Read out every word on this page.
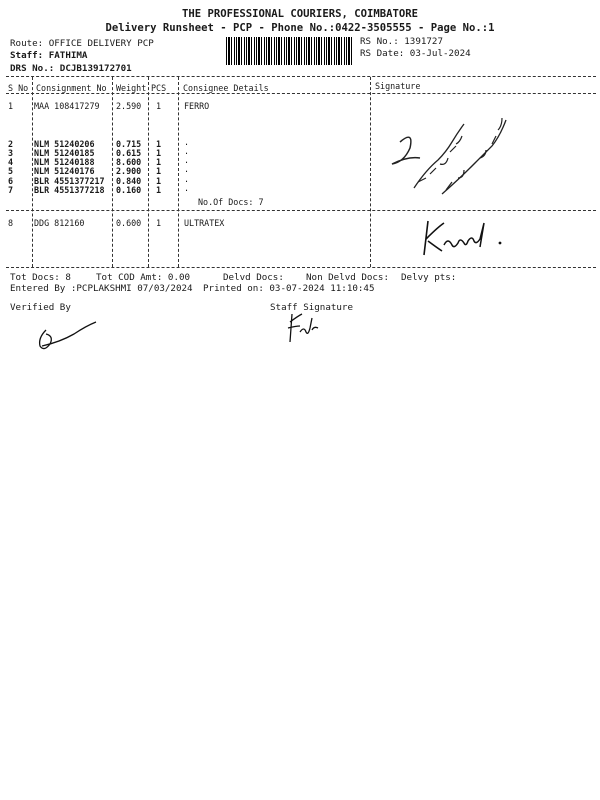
THE PROFESSIONAL COURIERS, COIMBATORE
Delivery Runsheet - PCP - Phone No.:0422-3505555 - Page No.:1
Route: OFFICE DELIVERY PCP
Staff: FATHIMA
DRS No.: DCJB139172701
RS No.: 1391727
RS Date: 03-Jul-2024
S No Consignment No Weight PCS Consignee Details	Signature
1 MAA 108417279 2.590 1	FERRO
2 NLM 51240206	0.715 1	.
3 NLM 51240185	0.615 1	.
4 NLM 51240188	8.600 1	.
5 NLM 51240176	2.900 1	.
6 BLR 4551377217 0.840 1	.
7 BLR 4551377218 0.160 1	.
No.Of Docs: 7
8 DDG 812160	0.600 1	ULTRATEX
Tot Docs: 8	Tot COD Amt: 0.00	Delvd Docs: Non Delvd Docs: Delvy pts:
Entered By :PCPLAKSHMI 07/03/2024 Printed on: 03-07-2024 11:10:45
Verified By	Staff Signature
